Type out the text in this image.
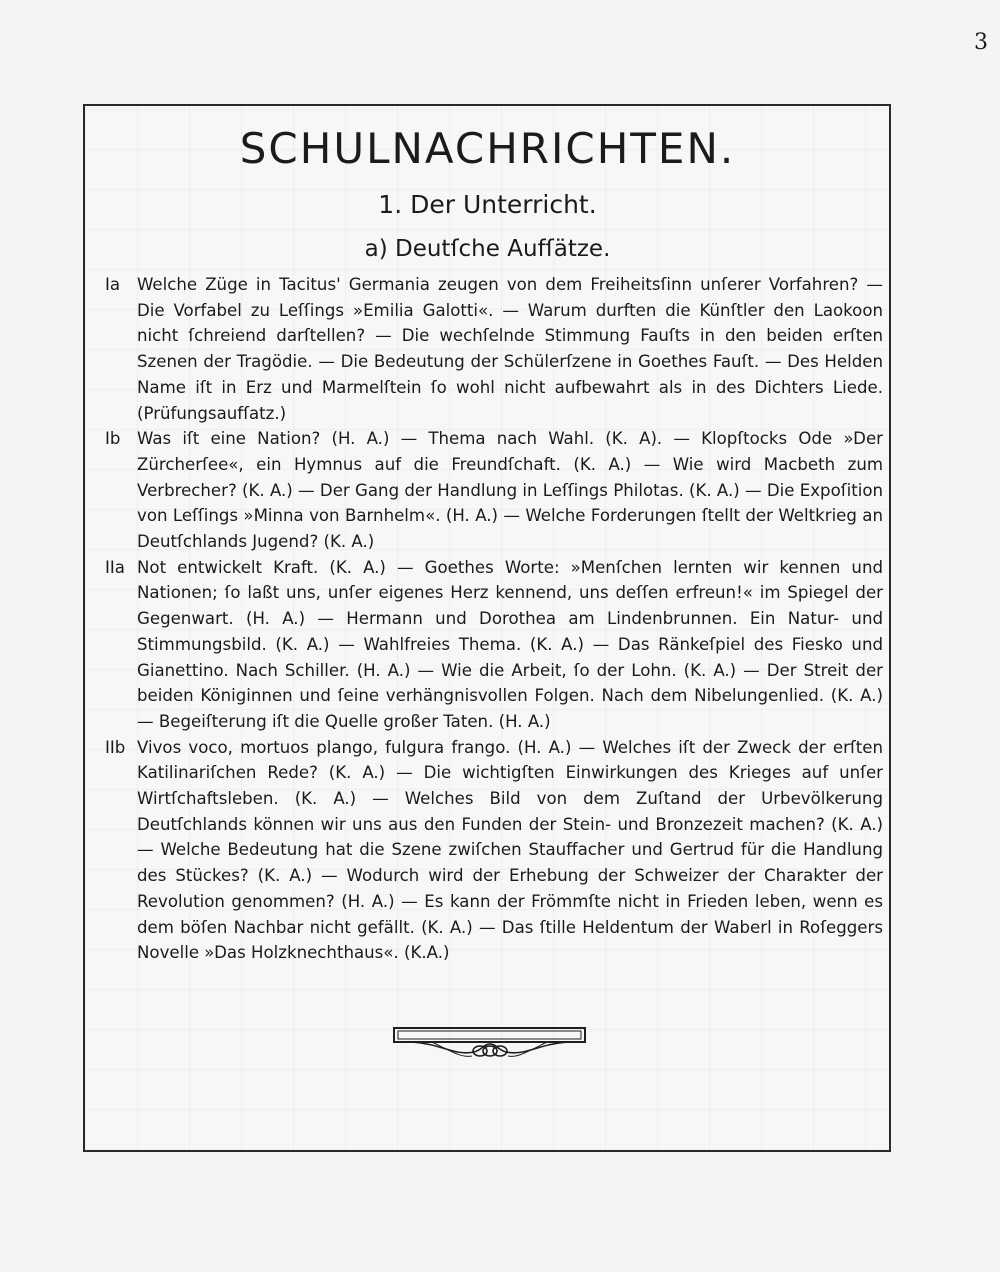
3
SCHULNACHRICHTEN.
1. Der Unterricht.
a) Deutſche Aufſätze.

Ia Welche Züge in Tacitus' Germania zeugen von dem Freiheitsſinn unſerer Vorfahren? — Die Vorfabel zu Leſſings »Emilia Galotti«. — Warum durften die Künſtler den Laokoon nicht ſchreiend darſtellen? — Die wechſelnde Stimmung Fauſts in den beiden erſten Szenen der Tragödie. — Die Bedeutung der Schülerſzene in Goethes Fauſt. — Des Helden Name iſt in Erz und Marmelſtein ſo wohl nicht aufbewahrt als in des Dichters Liede. (Prüfungsaufſatz.)

Ib Was iſt eine Nation? (H. A.) — Thema nach Wahl. (K. A). — Klopſtocks Ode »Der Zürcherſee«, ein Hymnus auf die Freundſchaft. (K. A.) — Wie wird Macbeth zum Verbrecher? (K. A.) — Der Gang der Handlung in Leſſings Philotas. (K. A.) — Die Expoſition von Leſſings »Minna von Barnhelm«. (H. A.) — Welche Forderungen ſtellt der Weltkrieg an Deutſchlands Jugend? (K. A.)

IIa Not entwickelt Kraft. (K. A.) — Goethes Worte: »Menſchen lernten wir kennen und Nationen; ſo laßt uns, unſer eigenes Herz kennend, uns deſſen erfreun!« im Spiegel der Gegenwart. (H. A.) — Hermann und Dorothea am Lindenbrunnen. Ein Natur- und Stimmungsbild. (K. A.) — Wahlfreies Thema. (K. A.) — Das Ränkeſpiel des Fiesko und Gianettino. Nach Schiller. (H. A.) — Wie die Arbeit, ſo der Lohn. (K. A.) — Der Streit der beiden Königinnen und ſeine verhängnisvollen Folgen. Nach dem Nibelungenlied. (K. A.) — Begeiſterung iſt die Quelle großer Taten. (H. A.)

IIb Vivos voco, mortuos plango, fulgura frango. (H. A.) — Welches iſt der Zweck der erſten Katilinariſchen Rede? (K. A.) — Die wichtigſten Einwirkungen des Krieges auf unſer Wirtſchaftsleben. (K. A.) — Welches Bild von dem Zuſtand der Urbevölkerung Deutſchlands können wir uns aus den Funden der Stein- und Bronzezeit machen? (K. A.) — Welche Bedeutung hat die Szene zwiſchen Stauffacher und Gertrud für die Handlung des Stückes? (K. A.) — Wodurch wird der Erhebung der Schweizer der Charakter der Revolution genommen? (H. A.) — Es kann der Frömmſte nicht in Frieden leben, wenn es dem böſen Nachbar nicht gefällt. (K. A.) — Das ſtille Heldentum der Waberl in Roſeggers Novelle »Das Holzknechthaus«. (K.A.)
